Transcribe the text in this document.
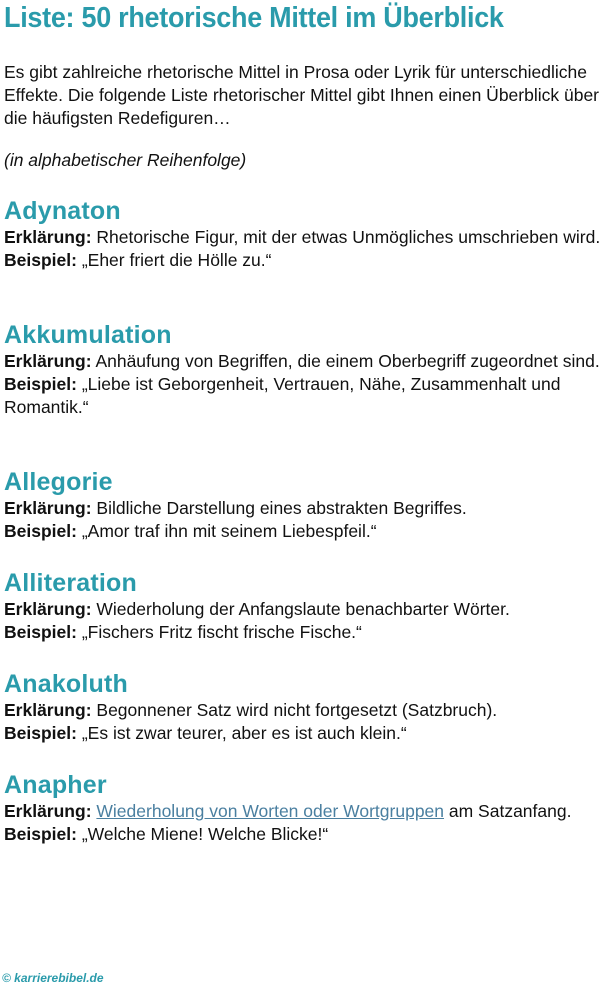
Liste: 50 rhetorische Mittel im Überblick

Es gibt zahlreiche rhetorische Mittel in Prosa oder Lyrik für unterschiedliche Effekte. Die folgende Liste rhetorischer Mittel gibt Ihnen einen Überblick über die häufigsten Redefiguren…

(in alphabetischer Reihenfolge)

Adynaton

Erklärung: Rhetorische Figur, mit der etwas Unmögliches umschrieben wird.

Beispiel: „Eher friert die Hölle zu.“

Akkumulation

Erklärung: Anhäufung von Begriffen, die einem Oberbegriff zugeordnet sind.

Beispiel: „Liebe ist Geborgenheit, Vertrauen, Nähe, Zusammenhalt und Romantik.“

Allegorie

Erklärung: Bildliche Darstellung eines abstrakten Begriffes.

Beispiel: „Amor traf ihn mit seinem Liebespfeil.“

Alliteration

Erklärung: Wiederholung der Anfangslaute benachbarter Wörter.

Beispiel: „Fischers Fritz fischt frische Fische.“

Anakoluth

Erklärung: Begonnener Satz wird nicht fortgesetzt (Satzbruch).

Beispiel: „Es ist zwar teurer, aber es ist auch klein.“

Anapher

Erklärung: Wiederholung von Worten oder Wortgruppen am Satzanfang.

Beispiel: „Welche Miene! Welche Blicke!“

© karrierebibel.de
